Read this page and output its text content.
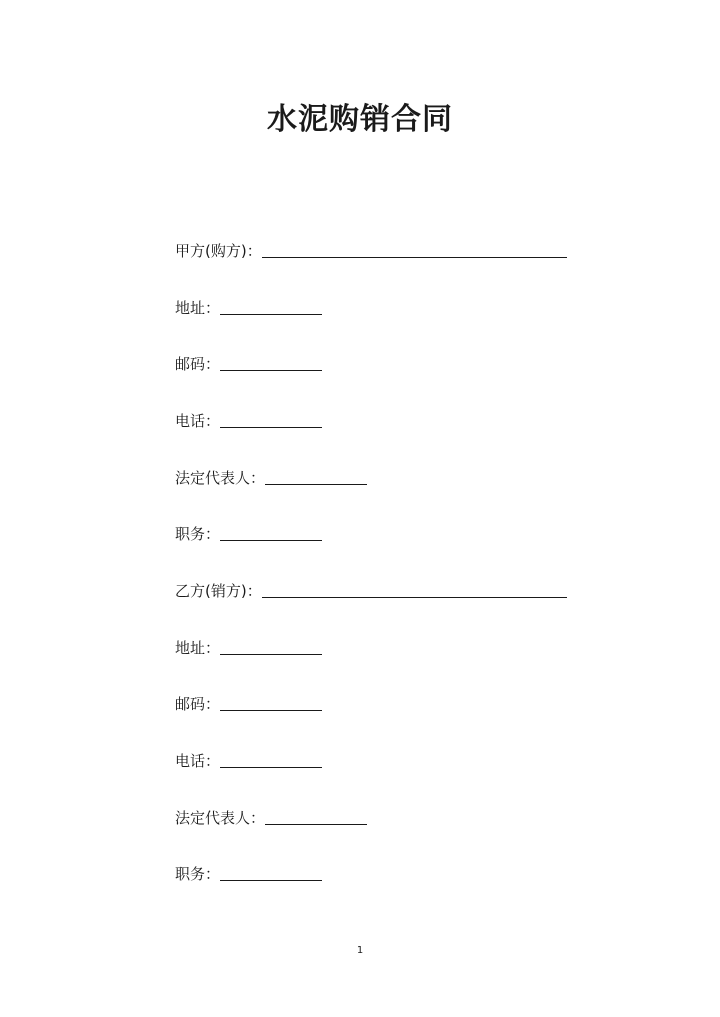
水泥购销合同
甲方(购方)：
地址：
邮码：
电话：
法定代表人：
职务：
乙方(销方)：
地址：
邮码：
电话：
法定代表人：
职务：
1
